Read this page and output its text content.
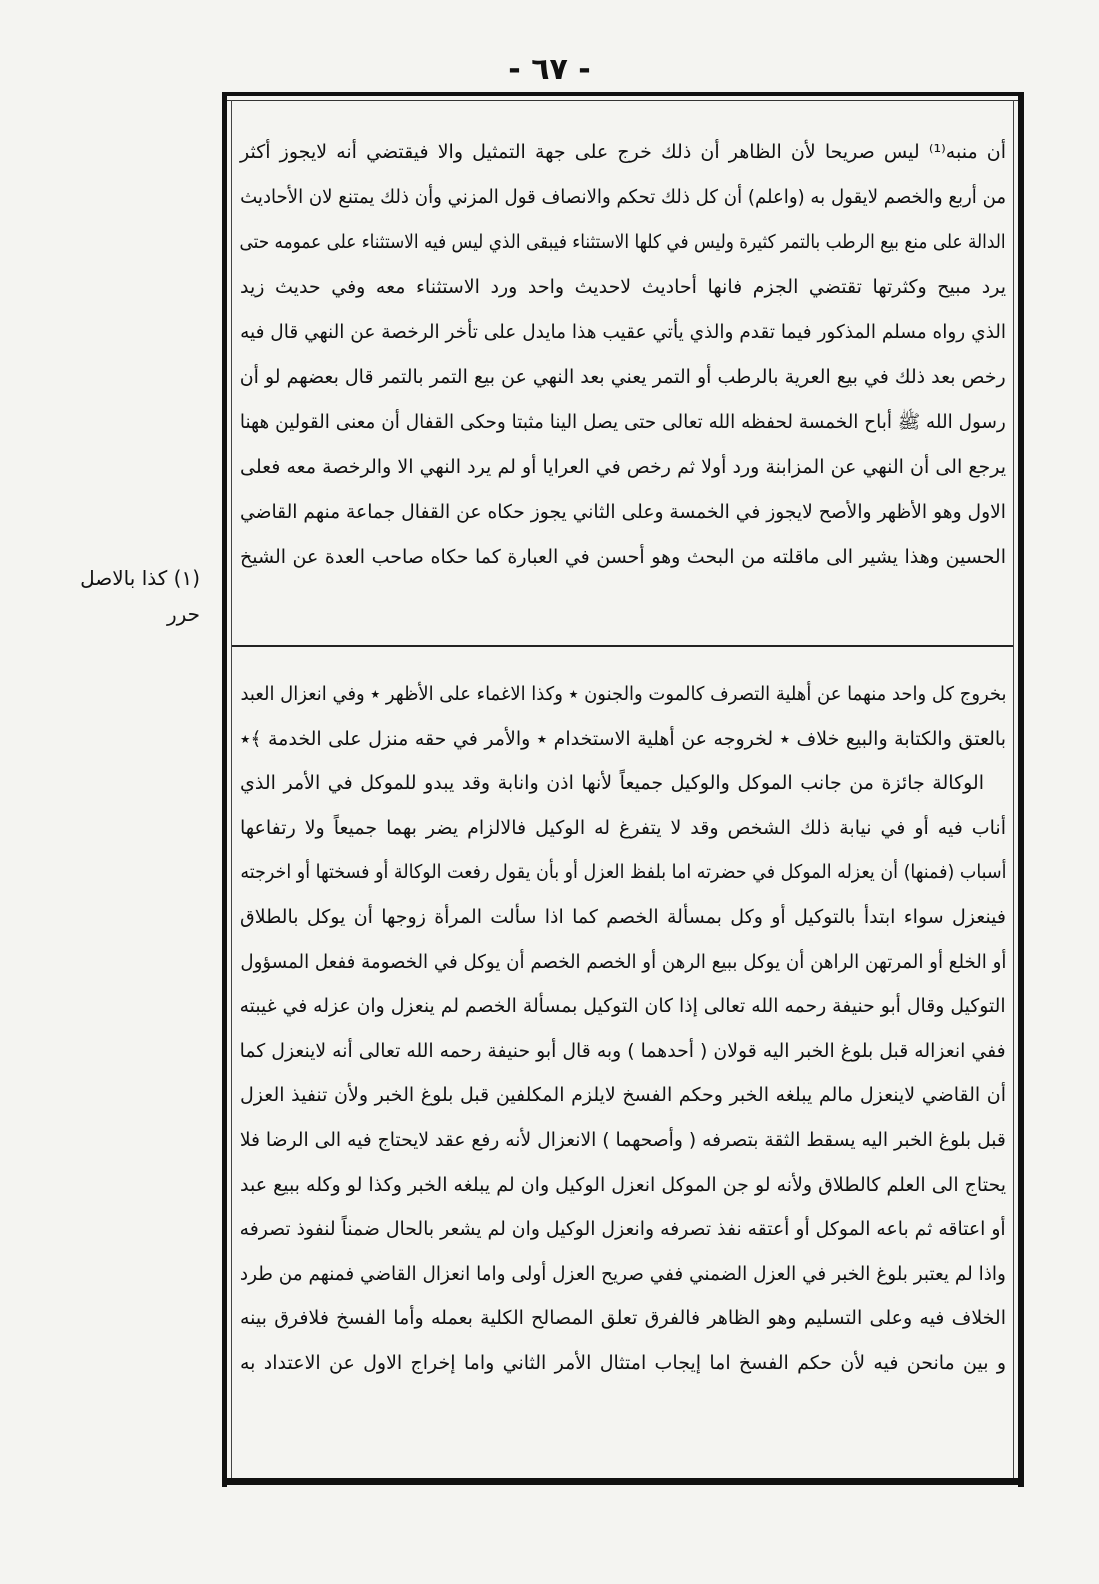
- ٦٧ -
(١) كذا بالاصل
حرر
أن منبه⁽¹⁾ ليس صريحا لأن الظاهر أن ذلك خرج على جهة التمثيل والا فيقتضي أنه لايجوز أكثر
من أربع والخصم لايقول به (واعلم) أن كل ذلك تحكم والانصاف قول المزني وأن ذلك يمتنع لان الأحاديث
الدالة على منع بيع الرطب بالتمر كثيرة وليس في كلها الاستثناء فيبقى الذي ليس فيه الاستثناء على عمومه حتى
يرد مبيح وكثرتها تقتضي الجزم فانها أحاديث لاحديث واحد ورد الاستثناء معه وفي حديث زيد
الذي رواه مسلم المذكور فيما تقدم والذي يأتي عقيب هذا مايدل على تأخر الرخصة عن النهي قال فيه
رخص بعد ذلك في بيع العرية بالرطب أو التمر يعني بعد النهي عن بيع التمر بالتمر قال بعضهم لو أن
رسول الله ﷺ أباح الخمسة لحفظه الله تعالى حتى يصل الينا مثبتا وحكى القفال أن معنى القولين ههنا
يرجع الى أن النهي عن المزابنة ورد أولا ثم رخص في العرايا أو لم يرد النهي الا والرخصة معه فعلى
الاول وهو الأظهر والأصح لايجوز في الخمسة وعلى الثاني يجوز حكاه عن القفال جماعة منهم القاضي
الحسين وهذا يشير الى ماقلته من البحث وهو أحسن في العبارة كما حكاه صاحب العدة عن الشيخ
بخروج كل واحد منهما عن أهلية التصرف كالموت والجنون ٭ وكذا الاغماء على الأظهر ٭ وفي انعزال العبد
بالعتق والكتابة والبيع خلاف ٭ لخروجه عن أهلية الاستخدام ٭ والأمر في حقه منزل على الخدمة ﴾٭
الوكالة جائزة من جانب الموكل والوكيل جميعاً لأنها اذن وانابة وقد يبدو للموكل في الأمر الذي
أناب فيه أو في نيابة ذلك الشخص وقد لا يتفرغ له الوكيل فالالزام يضر بهما جميعاً ولا رتفاعها
أسباب (فمنها) أن يعزله الموكل في حضرته اما بلفظ العزل أو بأن يقول رفعت الوكالة أو فسختها أو اخرجته
فينعزل سواء ابتدأ بالتوكيل أو وكل بمسألة الخصم كما اذا سألت المرأة زوجها أن يوكل بالطلاق
أو الخلع أو المرتهن الراهن أن يوكل ببيع الرهن أو الخصم الخصم أن يوكل في الخصومة ففعل المسؤول
التوكيل وقال أبو حنيفة رحمه الله تعالى إذا كان التوكيل بمسألة الخصم لم ينعزل وان عزله في غيبته
ففي انعزاله قبل بلوغ الخبر اليه قولان ( أحدهما ) وبه قال أبو حنيفة رحمه الله تعالى أنه لاينعزل كما
أن القاضي لاينعزل مالم يبلغه الخبر وحكم الفسخ لايلزم المكلفين قبل بلوغ الخبر ولأن تنفيذ العزل
قبل بلوغ الخبر اليه يسقط الثقة بتصرفه ( وأصحهما ) الانعزال لأنه رفع عقد لايحتاج فيه الى الرضا فلا
يحتاج الى العلم كالطلاق ولأنه لو جن الموكل انعزل الوكيل وان لم يبلغه الخبر وكذا لو وكله ببيع عبد
أو اعتاقه ثم باعه الموكل أو أعتقه نفذ تصرفه وانعزل الوكيل وان لم يشعر بالحال ضمناً لنفوذ تصرفه
واذا لم يعتبر بلوغ الخبر في العزل الضمني ففي صريح العزل أولى واما انعزال القاضي فمنهم من طرد
الخلاف فيه وعلى التسليم وهو الظاهر فالفرق تعلق المصالح الكلية بعمله وأما الفسخ فلافرق بينه
و بين مانحن فيه لأن حكم الفسخ اما إيجاب امتثال الأمر الثاني واما إخراج الاول عن الاعتداد به
